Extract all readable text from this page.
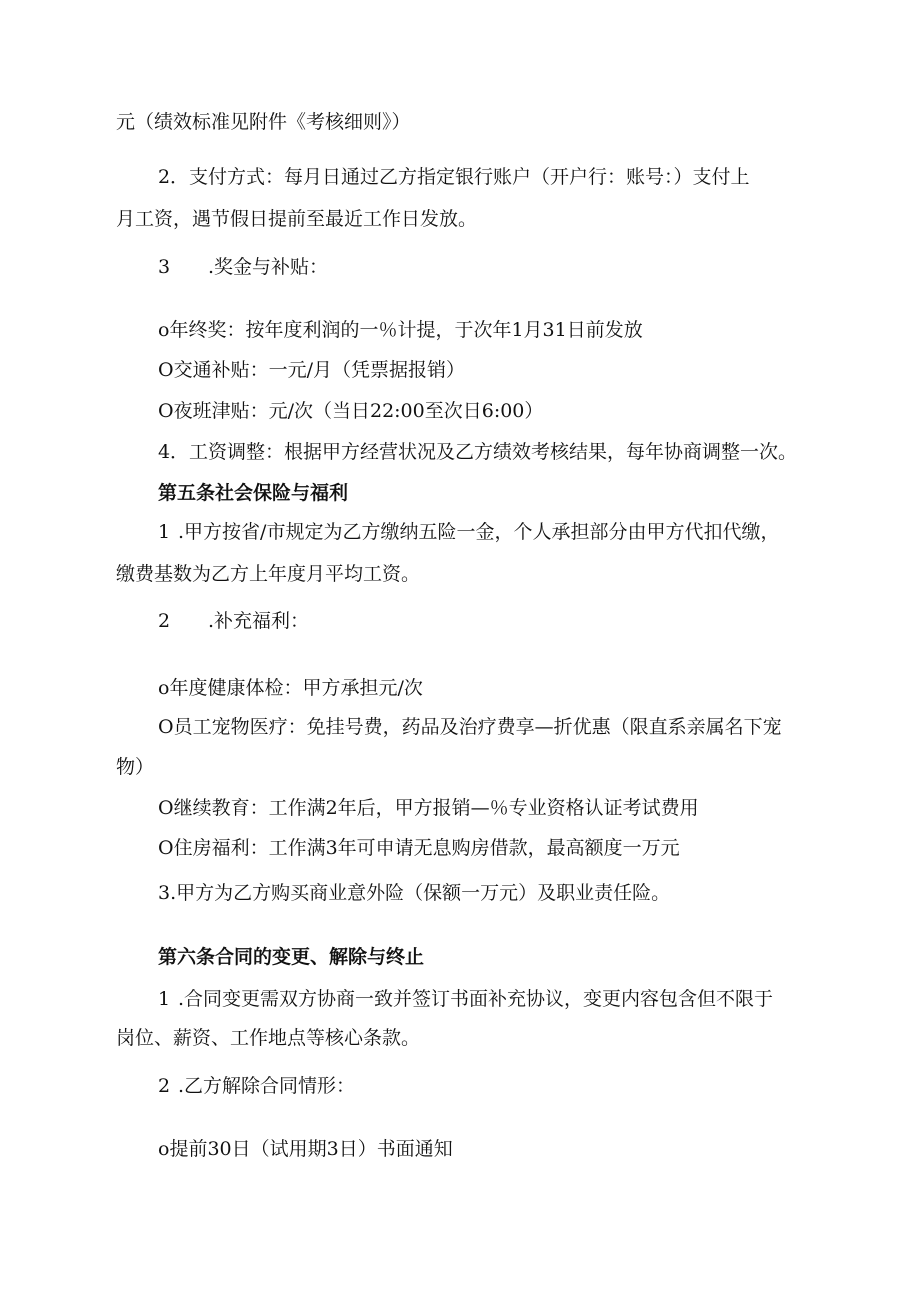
元（绩效标准见附件《考核细则》）

2 ．支付方式：每月日通过乙方指定银行账户（开户行：账号：）支付上

月工资，遇节假日提前至最近工作日发放。

3 .奖金与补贴：

o年终奖：按年度利润的一％计提，于次年1月31日前发放

O交通补贴：一元/月（凭票据报销）

O夜班津贴：元/次（当日22:00至次日6:00）

4 ．工资调整：根据甲方经营状况及乙方绩效考核结果，每年协商调整一次。

第五条社会保险与福利

1 .甲方按省/市规定为乙方缴纳五险一金，个人承担部分由甲方代扣代缴，

缴费基数为乙方上年度月平均工资。

2 .补充福利：

o年度健康体检：甲方承担元/次

O员工宠物医疗：免挂号费，药品及治疗费享—折优惠（限直系亲属名下宠

物）

O继续教育：工作满2年后，甲方报销—％专业资格认证考试费用

O住房福利：工作满3年可申请无息购房借款，最高额度一万元

3.甲方为乙方购买商业意外险（保额一万元）及职业责任险。

第六条合同的变更、解除与终止

1 .合同变更需双方协商一致并签订书面补充协议，变更内容包含但不限于

岗位、薪资、工作地点等核心条款。

2 .乙方解除合同情形：

o提前30日（试用期3日）书面通知
